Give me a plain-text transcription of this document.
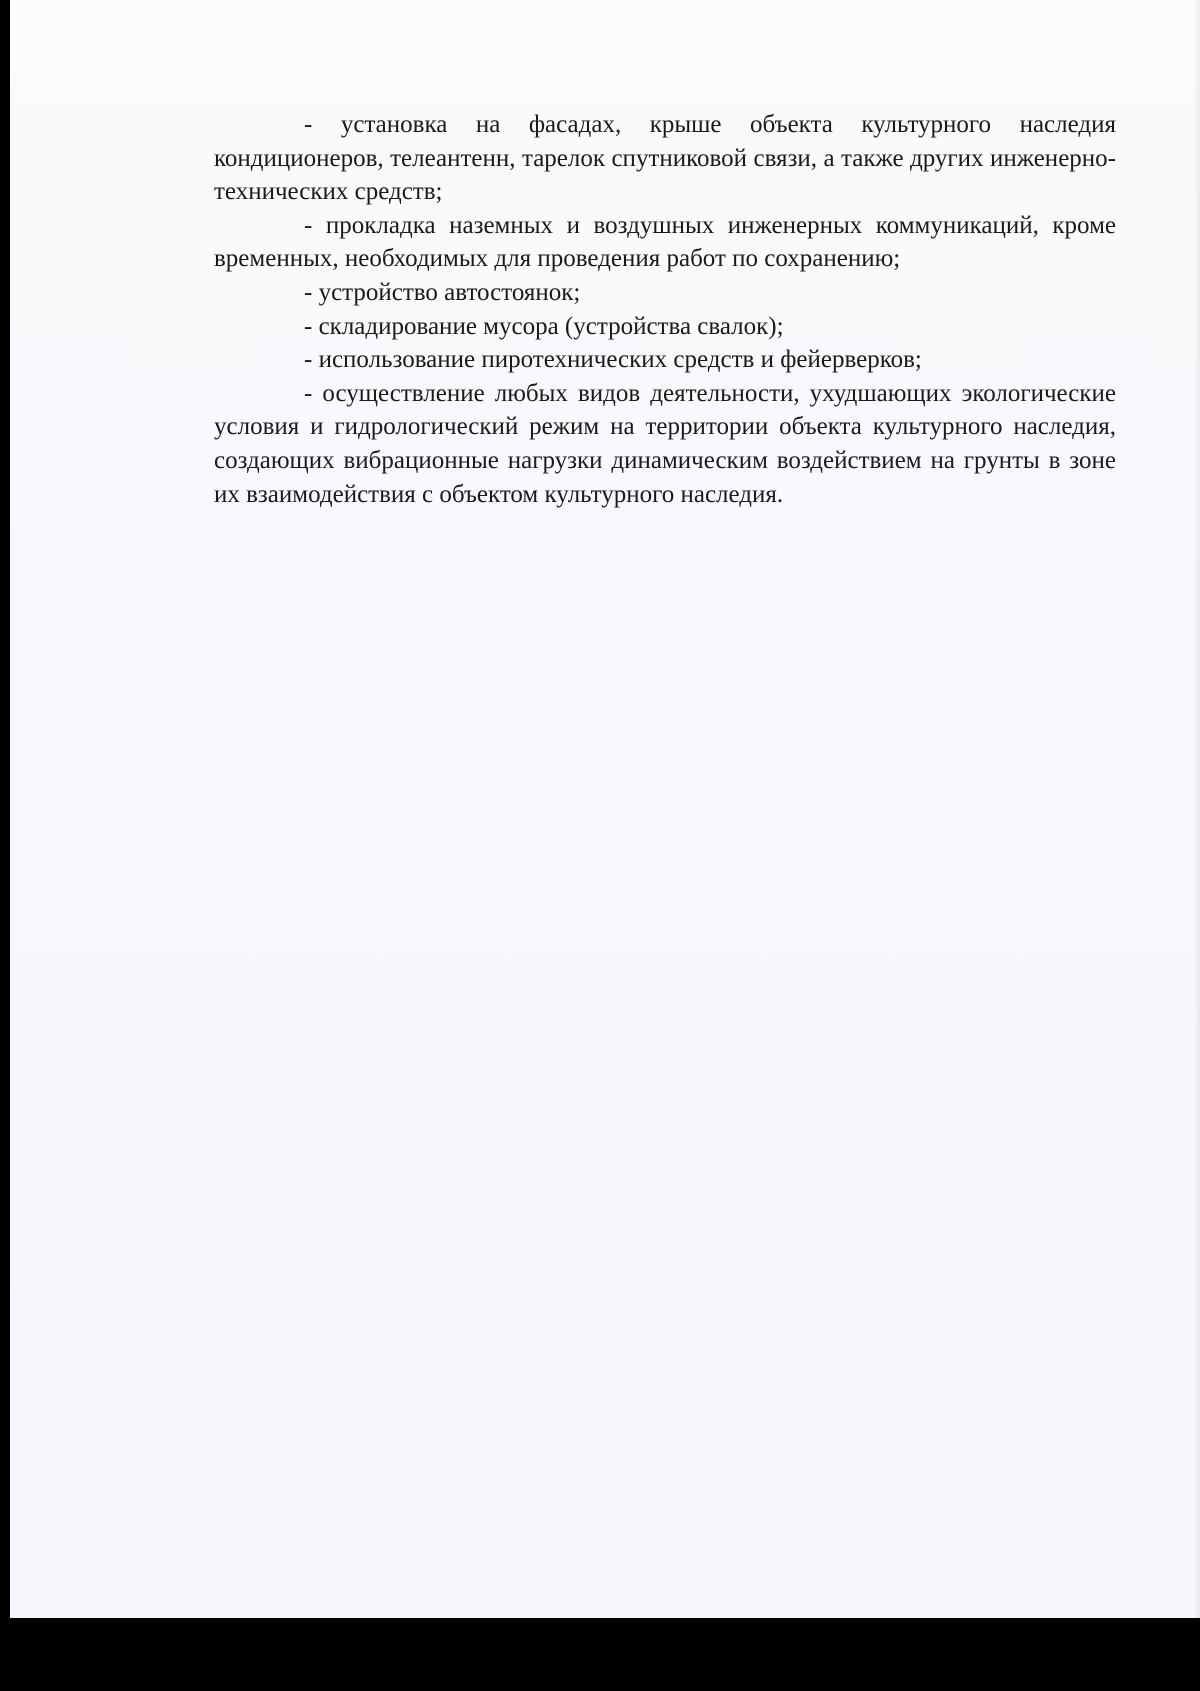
- установка на фасадах, крыше объекта культурного наследия кондиционеров, телеантенн, тарелок спутниковой связи, а также других инженерно-технических средств;

- прокладка наземных и воздушных инженерных коммуникаций, кроме временных, необходимых для проведения работ по сохранению;

- устройство автостоянок;

- складирование мусора (устройства свалок);

- использование пиротехнических средств и фейерверков;

- осуществление любых видов деятельности, ухудшающих экологические условия и гидрологический режим на территории объекта культурного наследия, создающих вибрационные нагрузки динамическим воздействием на грунты в зоне их взаимодействия с объектом культурного наследия.
